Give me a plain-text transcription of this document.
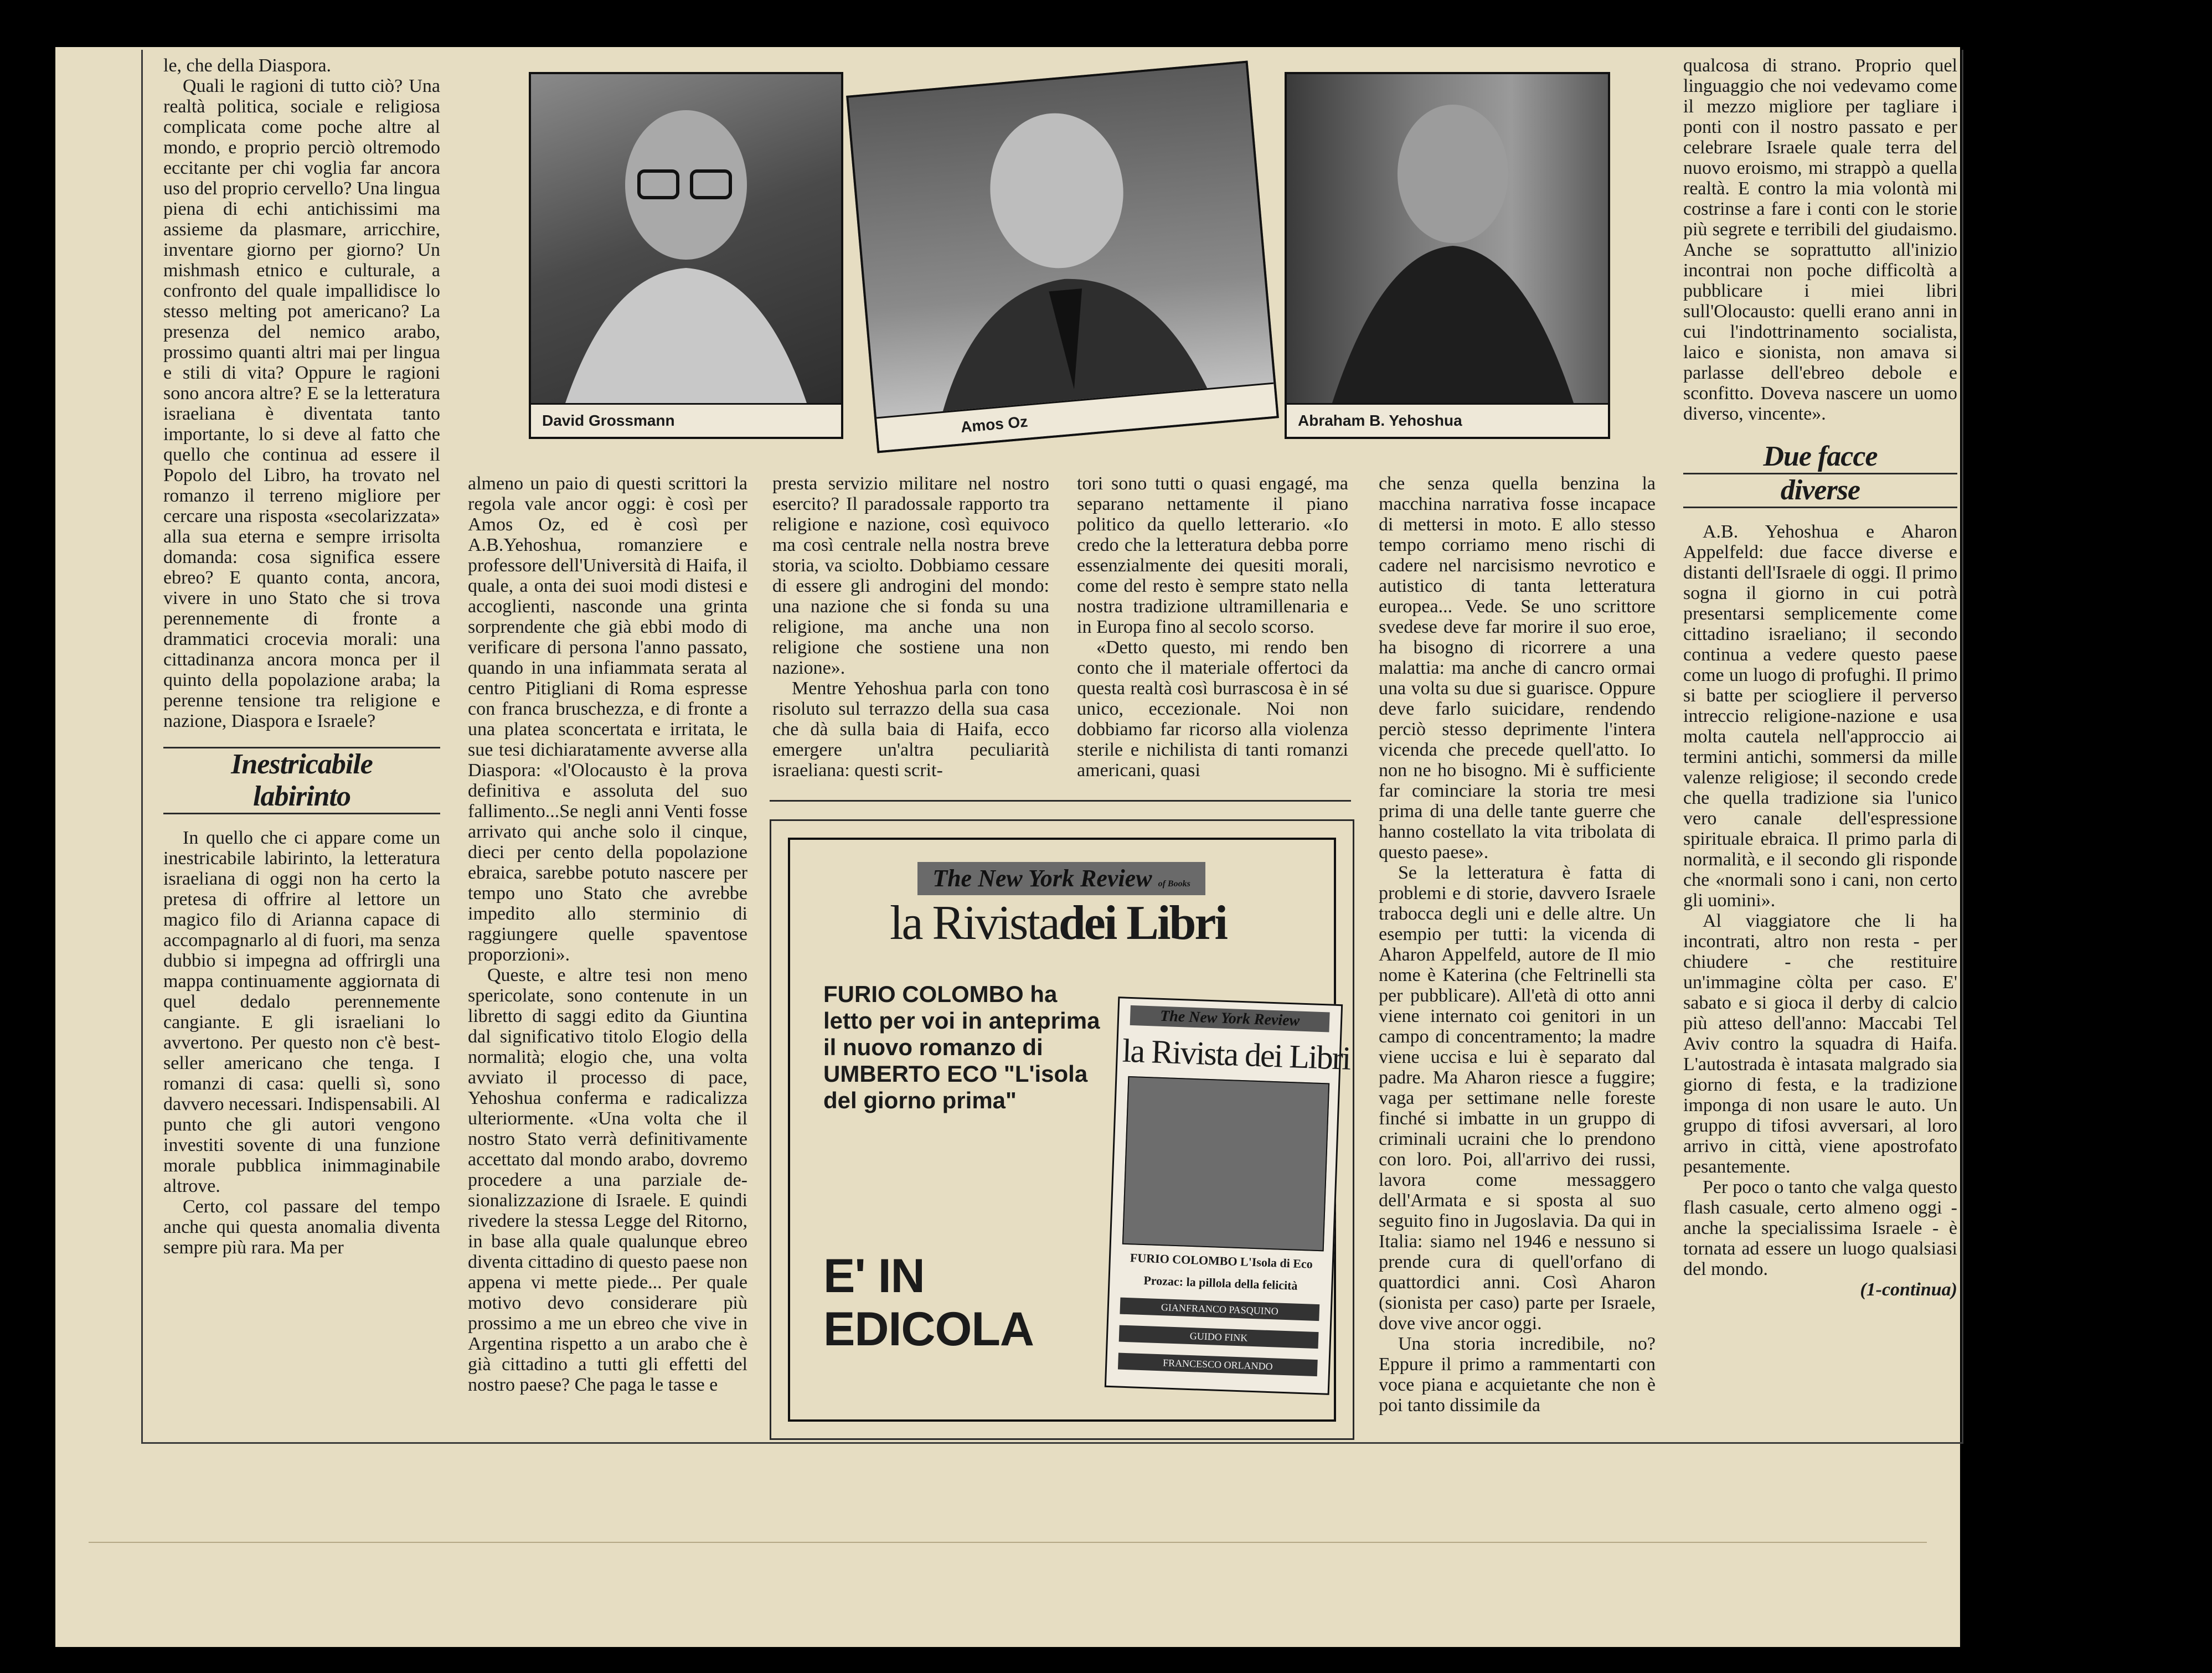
le, che della Diaspora.

Quali le ragioni di tutto ciò? Una realtà politica, sociale e religiosa complicata come poche altre al mondo, e proprio perciò oltremodo eccitante per chi voglia far ancora uso del proprio cervello? Una lingua piena di echi antichissimi ma assieme da plasmare, arricchire, inventare giorno per giorno? Un mishmash etnico e culturale, a confronto del quale impallidisce lo stesso melting pot americano? La presenza del nemico arabo, prossimo quanti altri mai per lingua e stili di vita? Oppure le ragioni sono ancora altre? E se la letteratura israeliana è diventata tanto importante, lo si deve al fatto che quello che continua ad essere il Popolo del Libro, ha trovato nel romanzo il terreno migliore per cercare una risposta «secolarizzata» alla sua eterna e sempre irrisolta domanda: cosa significa essere ebreo? E quanto conta, ancora, vivere in uno Stato che si trova perennemente di fronte a drammatici crocevia morali: una cittadinanza ancora monca per il quinto della popolazione araba; la perenne tensione tra religione e nazione, Diaspora e Israele?

Inestricabile

labirinto

In quello che ci appare come un inestricabile labirinto, la letteratura israeliana di oggi non ha certo la pretesa di offrire al lettore un magico filo di Arianna capace di accompagnarlo al di fuori, ma senza dubbio si impegna ad offrirgli una mappa continuamente aggiornata di quel dedalo perennemente cangiante. E gli israeliani lo avvertono. Per questo non c'è best-seller americano che tenga. I romanzi di casa: quelli sì, sono davvero necessari. Indispensabili. Al punto che gli autori vengono investiti sovente di una funzione morale pubblica inimmaginabile altrove.

Certo, col passare del tempo anche qui questa anomalia diventa sempre più rara. Ma per

David Grossmann	Amos Oz	Abraham B. Yehoshua

almeno un paio di questi scrittori la regola vale ancor oggi: è così per Amos Oz, ed è così per A.B.Yehoshua, romanziere e professore dell'Università di Haifa, il quale, a onta dei suoi modi distesi e accoglienti, nasconde una grinta sorprendente che già ebbi modo di verificare di persona l'anno passato, quando in una infiammata serata al centro Pitigliani di Roma espresse con franca bruschezza, e di fronte a una platea sconcertata e irritata, le sue tesi dichiaratamente avverse alla Diaspora: «l'Olocausto è la prova definitiva e assoluta del suo fallimento...Se negli anni Venti fosse arrivato qui anche solo il cinque, dieci per cento della popolazione ebraica, sarebbe potuto nascere per tempo uno Stato che avrebbe impedito allo sterminio di raggiungere quelle spaventose proporzioni».

Queste, e altre tesi non meno spericolate, sono contenute in un libretto di saggi edito da Giuntina dal significativo titolo Elogio della normalità; elogio che, una volta avviato il processo di pace, Yehoshua conferma e radicalizza ulteriormente. «Una volta che il nostro Stato verrà definitivamente accettato dal mondo arabo, dovremo procedere a una parziale de-sionalizzazione di Israele. E quindi rivedere la stessa Legge del Ritorno, in base alla quale qualunque ebreo diventa cittadino di questo paese non appena vi mette piede... Per quale motivo devo considerare più prossimo a me un ebreo che vive in Argentina rispetto a un arabo che è già cittadino a tutti gli effetti del nostro paese? Che paga le tasse e

presta servizio militare nel nostro esercito? Il paradossale rapporto tra religione e nazione, così equivoco ma così centrale nella nostra breve storia, va sciolto. Dobbiamo cessare di essere gli androgini del mondo: una nazione che si fonda su una religione, ma anche una non religione che sostiene una non nazione».

Mentre Yehoshua parla con tono risoluto sul terrazzo della sua casa che dà sulla baia di Haifa, ecco emergere un'altra peculiarità israeliana: questi scrit-

tori sono tutti o quasi engagé, ma separano nettamente il piano politico da quello letterario. «Io credo che la letteratura debba porre essenzialmente dei quesiti morali, come del resto è sempre stato nella nostra tradizione ultramillenaria e in Europa fino al secolo scorso.

«Detto questo, mi rendo ben conto che il materiale offertoci da questa realtà così burrascosa è in sé unico, eccezionale. Noi non dobbiamo far ricorso alla violenza sterile e nichilista di tanti romanzi americani, quasi

che senza quella benzina la macchina narrativa fosse incapace di mettersi in moto. E allo stesso tempo corriamo meno rischi di cadere nel narcisismo nevrotico e autistico di tanta letteratura europea... Vede. Se uno scrittore svedese deve far morire il suo eroe, ha bisogno di ricorrere a una malattia: ma anche di cancro ormai una volta su due si guarisce. Oppure deve farlo suicidare, rendendo perciò stesso deprimente l'intera vicenda che precede quell'atto. Io non ne ho bisogno. Mi è sufficiente far cominciare la storia tre mesi prima di una delle tante guerre che hanno costellato la vita tribolata di questo paese».

Se la letteratura è fatta di problemi e di storie, davvero Israele trabocca degli uni e delle altre. Un esempio per tutti: la vicenda di Aharon Appelfeld, autore de Il mio nome è Katerina (che Feltrinelli sta per pubblicare). All'età di otto anni viene internato coi genitori in un campo di concentramento; la madre viene uccisa e lui è separato dal padre. Ma Aharon riesce a fuggire; vaga per settimane nelle foreste finché si imbatte in un gruppo di criminali ucraini che lo prendono con loro. Poi, all'arrivo dei russi, lavora come messaggero dell'Armata e si sposta al suo seguito fino in Jugoslavia. Da qui in Italia: siamo nel 1946 e nessuno si prende cura di quell'orfano di quattordici anni. Così Aharon (sionista per caso) parte per Israele, dove vive ancor oggi.

Una storia incredibile, no? Eppure il primo a rammentarti con voce piana e acquietante che non è poi tanto dissimile da

qualcosa di strano. Proprio quel linguaggio che noi vedevamo come il mezzo migliore per tagliare i ponti con il nostro passato e per celebrare Israele quale terra del nuovo eroismo, mi strappò a quella realtà. E contro la mia volontà mi costrinse a fare i conti con le storie più segrete e terribili del giudaismo. Anche se soprattutto all'inizio incontrai non poche difficoltà a pubblicare i miei libri sull'Olocausto: quelli erano anni in cui l'indottrinamento socialista, laico e sionista, non amava si parlasse dell'ebreo debole e sconfitto. Doveva nascere un uomo diverso, vincente».

Due facce

diverse

A.B. Yehoshua e Aharon Appelfeld: due facce diverse e distanti dell'Israele di oggi. Il primo sogna il giorno in cui potrà presentarsi semplicemente come cittadino israeliano; il secondo continua a vedere questo paese come un luogo di profughi. Il primo si batte per sciogliere il perverso intreccio religione-nazione e usa molta cautela nell'approccio ai termini antichi, sommersi da mille valenze religiose; il secondo crede che quella tradizione sia l'unico vero canale dell'espressione spirituale ebraica. Il primo parla di normalità, e il secondo gli risponde che «normali sono i cani, non certo gli uomini».

Al viaggiatore che li ha incontrati, altro non resta - per chiudere - che restituire un'immagine còlta per caso. E' sabato e si gioca il derby di calcio più atteso dell'anno: Maccabi Tel Aviv contro la squadra di Haifa. L'autostrada è intasata malgrado sia giorno di festa, e la tradizione imponga di non usare le auto. Un gruppo di tifosi avversari, al loro arrivo in città, viene apostrofato pesantemente.

Per poco o tanto che valga questo flash casuale, certo almeno oggi - anche la specialissima Israele - è tornata ad essere un luogo qualsiasi del mondo.

(1-continua)

The New York Review of Books
la Rivistadei Libri
FURIO COLOMBO ha letto per voi in anteprima il nuovo romanzo di UMBERTO ECO "L'isola del giorno prima"
E' IN EDICOLA
The New York Review
la Rivista dei Libri
FURIO COLOMBO L'Isola di Eco
Prozac: la pillola della felicità
GIANFRANCO PASQUINO
GUIDO FINK
FRANCESCO ORLANDO
